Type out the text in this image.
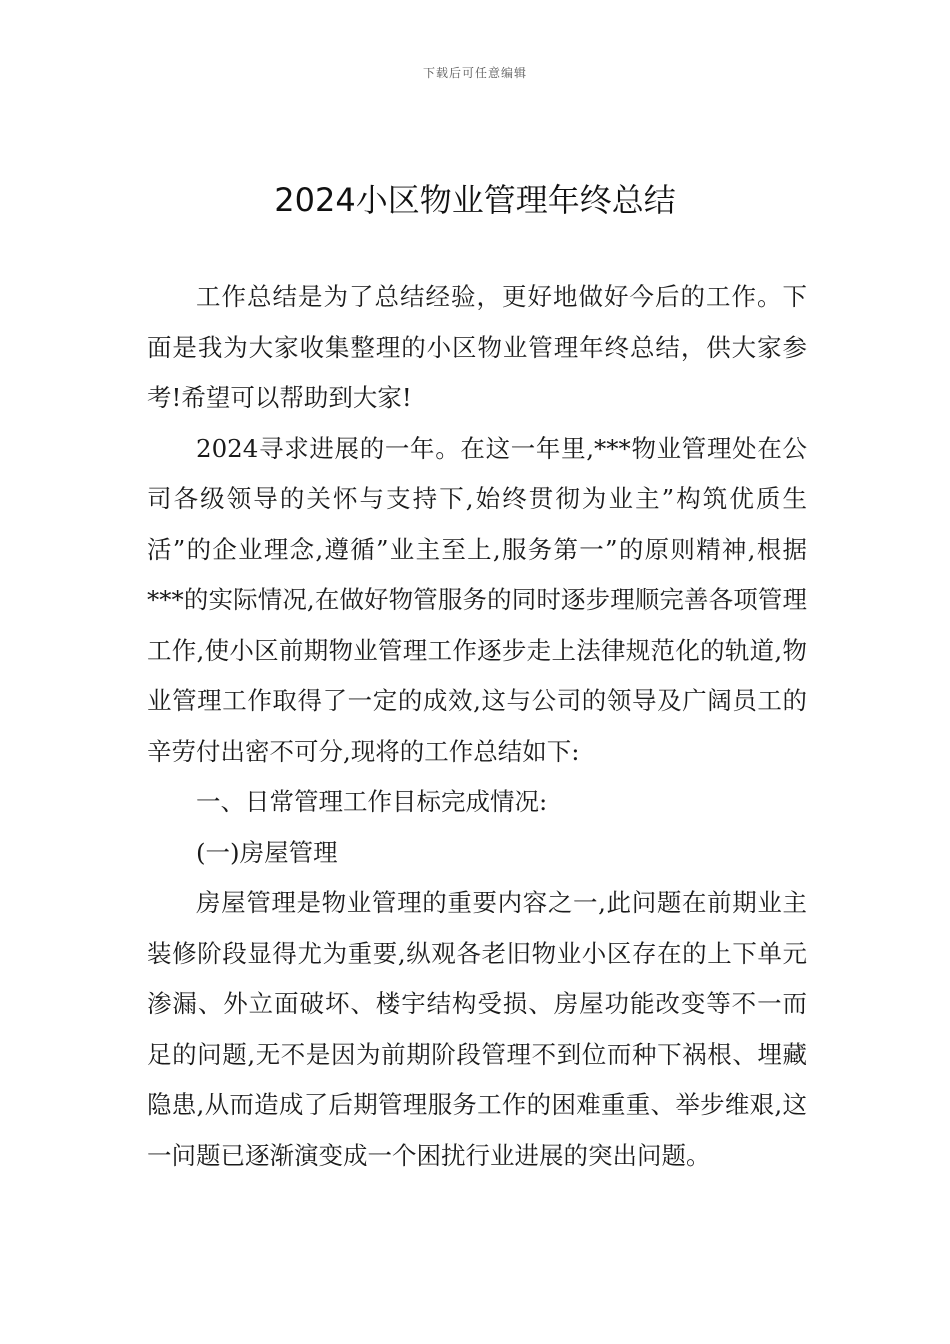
下载后可任意编辑
2024小区物业管理年终总结

工作总结是为了总结经验，更好地做好今后的工作。下面是我为大家收集整理的小区物业管理年终总结，供大家参考!希望可以帮助到大家!

2024寻求进展的一年。在这一年里,***物业管理处在公司各级领导的关怀与支持下,始终贯彻为业主”构筑优质生活”的企业理念,遵循”业主至上,服务第一”的原则精神,根据***的实际情况,在做好物管服务的同时逐步理顺完善各项管理工作,使小区前期物业管理工作逐步走上法律规范化的轨道,物业管理工作取得了一定的成效,这与公司的领导及广阔员工的辛劳付出密不可分,现将的工作总结如下:

一、日常管理工作目标完成情况:

(一)房屋管理

房屋管理是物业管理的重要内容之一,此问题在前期业主装修阶段显得尤为重要,纵观各老旧物业小区存在的上下单元渗漏、外立面破坏、楼宇结构受损、房屋功能改变等不一而足的问题,无不是因为前期阶段管理不到位而种下祸根、埋藏隐患,从而造成了后期管理服务工作的困难重重、举步维艰,这一问题已逐渐演变成一个困扰行业进展的突出问题。
